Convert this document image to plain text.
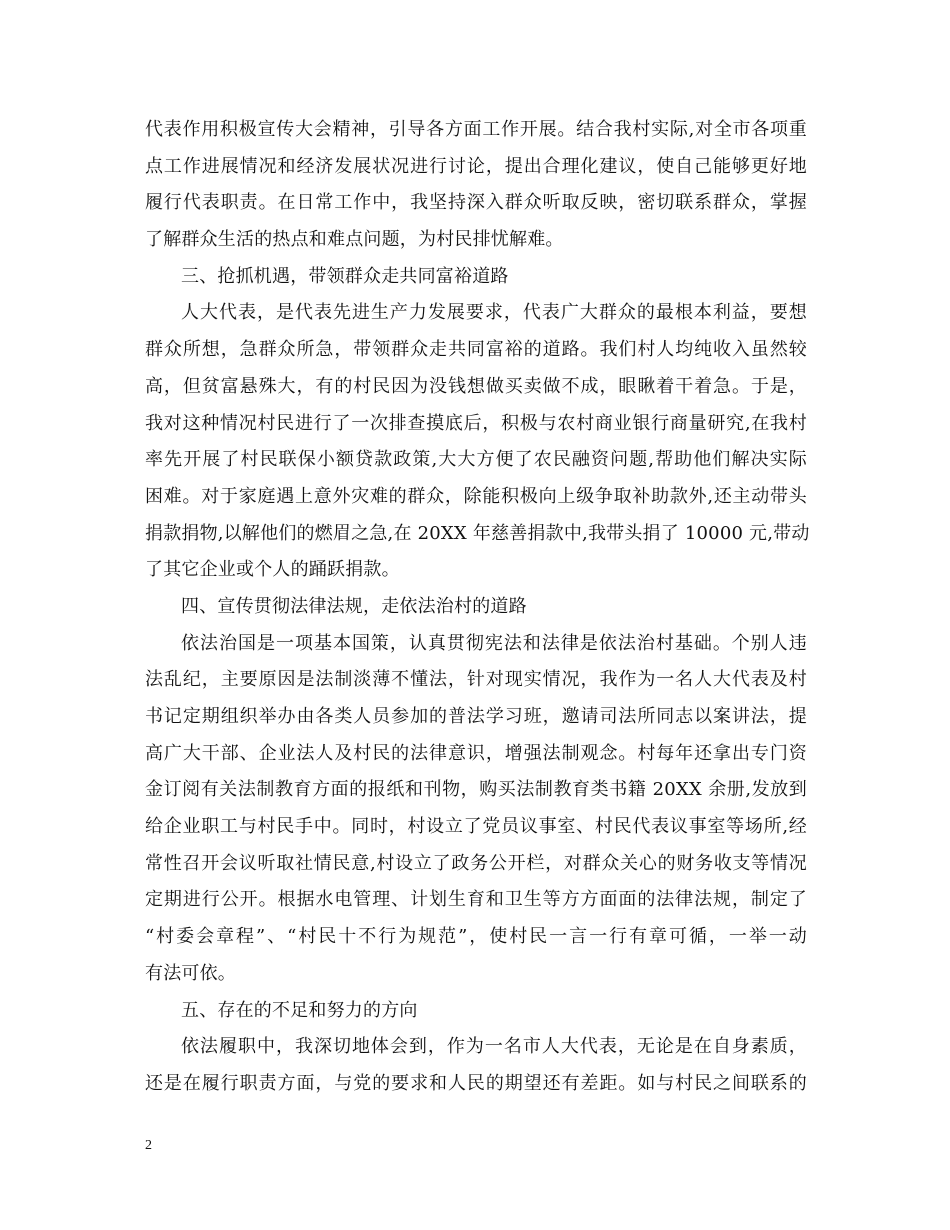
代表作用积极宣传大会精神，引导各方面工作开展。结合我村实际,对全市各项重
点工作进展情况和经济发展状况进行讨论，提出合理化建议，使自己能够更好地
履行代表职责。在日常工作中，我坚持深入群众听取反映，密切联系群众，掌握
了解群众生活的热点和难点问题，为村民排忧解难。
三、抢抓机遇，带领群众走共同富裕道路
人大代表，是代表先进生产力发展要求，代表广大群众的最根本利益，要想
群众所想，急群众所急，带领群众走共同富裕的道路。我们村人均纯收入虽然较
高，但贫富悬殊大，有的村民因为没钱想做买卖做不成，眼瞅着干着急。于是，
我对这种情况村民进行了一次排查摸底后，积极与农村商业银行商量研究,在我村
率先开展了村民联保小额贷款政策,大大方便了农民融资问题,帮助他们解决实际
困难。对于家庭遇上意外灾难的群众，除能积极向上级争取补助款外,还主动带头
捐款捐物,以解他们的燃眉之急,在 20XX 年慈善捐款中,我带头捐了 10000 元,带动
了其它企业或个人的踊跃捐款。
四、宣传贯彻法律法规，走依法治村的道路
依法治国是一项基本国策，认真贯彻宪法和法律是依法治村基础。个别人违
法乱纪，主要原因是法制淡薄不懂法，针对现实情况，我作为一名人大代表及村
书记定期组织举办由各类人员参加的普法学习班，邀请司法所同志以案讲法，提
高广大干部、企业法人及村民的法律意识，增强法制观念。村每年还拿出专门资
金订阅有关法制教育方面的报纸和刊物，购买法制教育类书籍 20XX 余册,发放到
给企业职工与村民手中。同时，村设立了党员议事室、村民代表议事室等场所,经
常性召开会议听取社情民意,村设立了政务公开栏，对群众关心的财务收支等情况
定期进行公开。根据水电管理、计划生育和卫生等方方面面的法律法规，制定了
“村委会章程”、“村民十不行为规范”，使村民一言一行有章可循，一举一动
有法可依。
五、存在的不足和努力的方向
依法履职中，我深切地体会到，作为一名市人大代表，无论是在自身素质，
还是在履行职责方面，与党的要求和人民的期望还有差距。如与村民之间联系的
2
